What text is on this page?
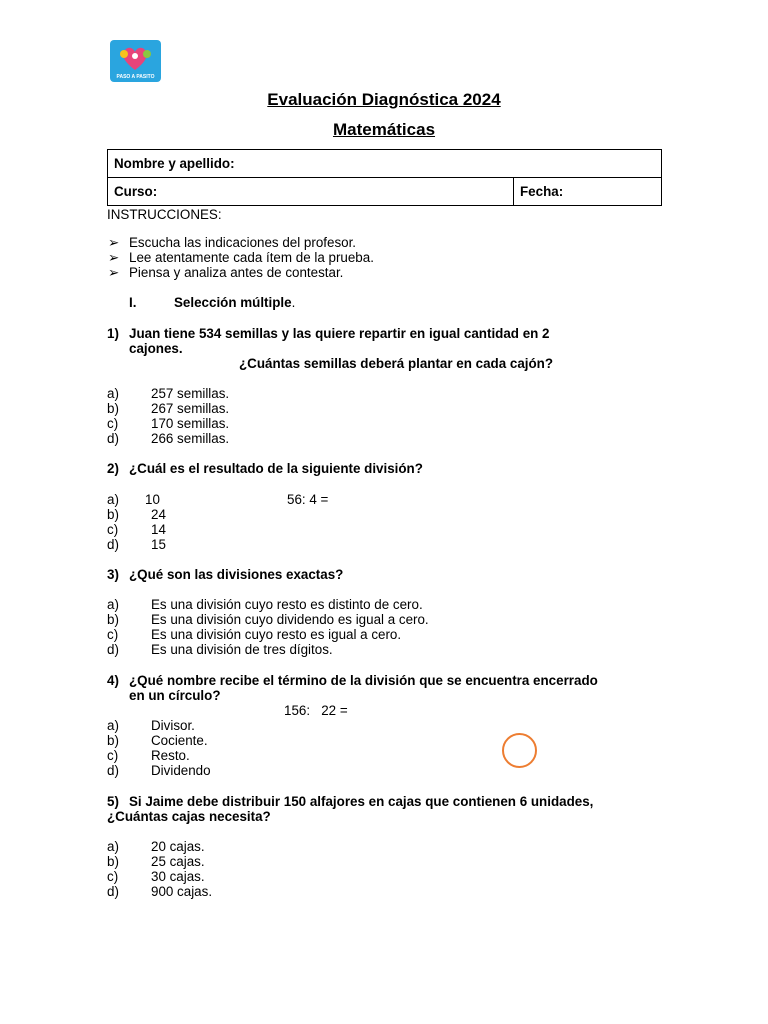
PASO A PASITO
Evaluación Diagnóstica 2024
Matemáticas
Nombre y apellido:
Curso:	Fecha:
INSTRUCCIONES:
➢ Escucha las indicaciones del profesor.
➢ Lee atentamente cada ítem de la prueba.
➢ Piensa y analiza antes de contestar.
I.	Selección múltiple.
1) Juan tiene 534 semillas y las quiere repartir en igual cantidad en 2
cajones.
¿Cuántas semillas deberá plantar en cada cajón?
a) 257 semillas.
b) 267 semillas.
c) 170 semillas.
d) 266 semillas.
2) ¿Cuál es el resultado de la siguiente división?
a) 10	56: 4 =
b) 24
c) 14
d) 15
3) ¿Qué son las divisiones exactas?
a) Es una división cuyo resto es distinto de cero.
b) Es una división cuyo dividendo es igual a cero.
c) Es una división cuyo resto es igual a cero.
d) Es una división de tres dígitos.
4) ¿Qué nombre recibe el término de la división que se encuentra encerrado
en un círculo?
156:   22 =
a) Divisor.
b) Cociente.
c) Resto.
d) Dividendo
5) Si Jaime debe distribuir 150 alfajores en cajas que contienen 6 unidades,
¿Cuántas cajas necesita?
a) 20 cajas.
b) 25 cajas.
c) 30 cajas.
d) 900 cajas.
